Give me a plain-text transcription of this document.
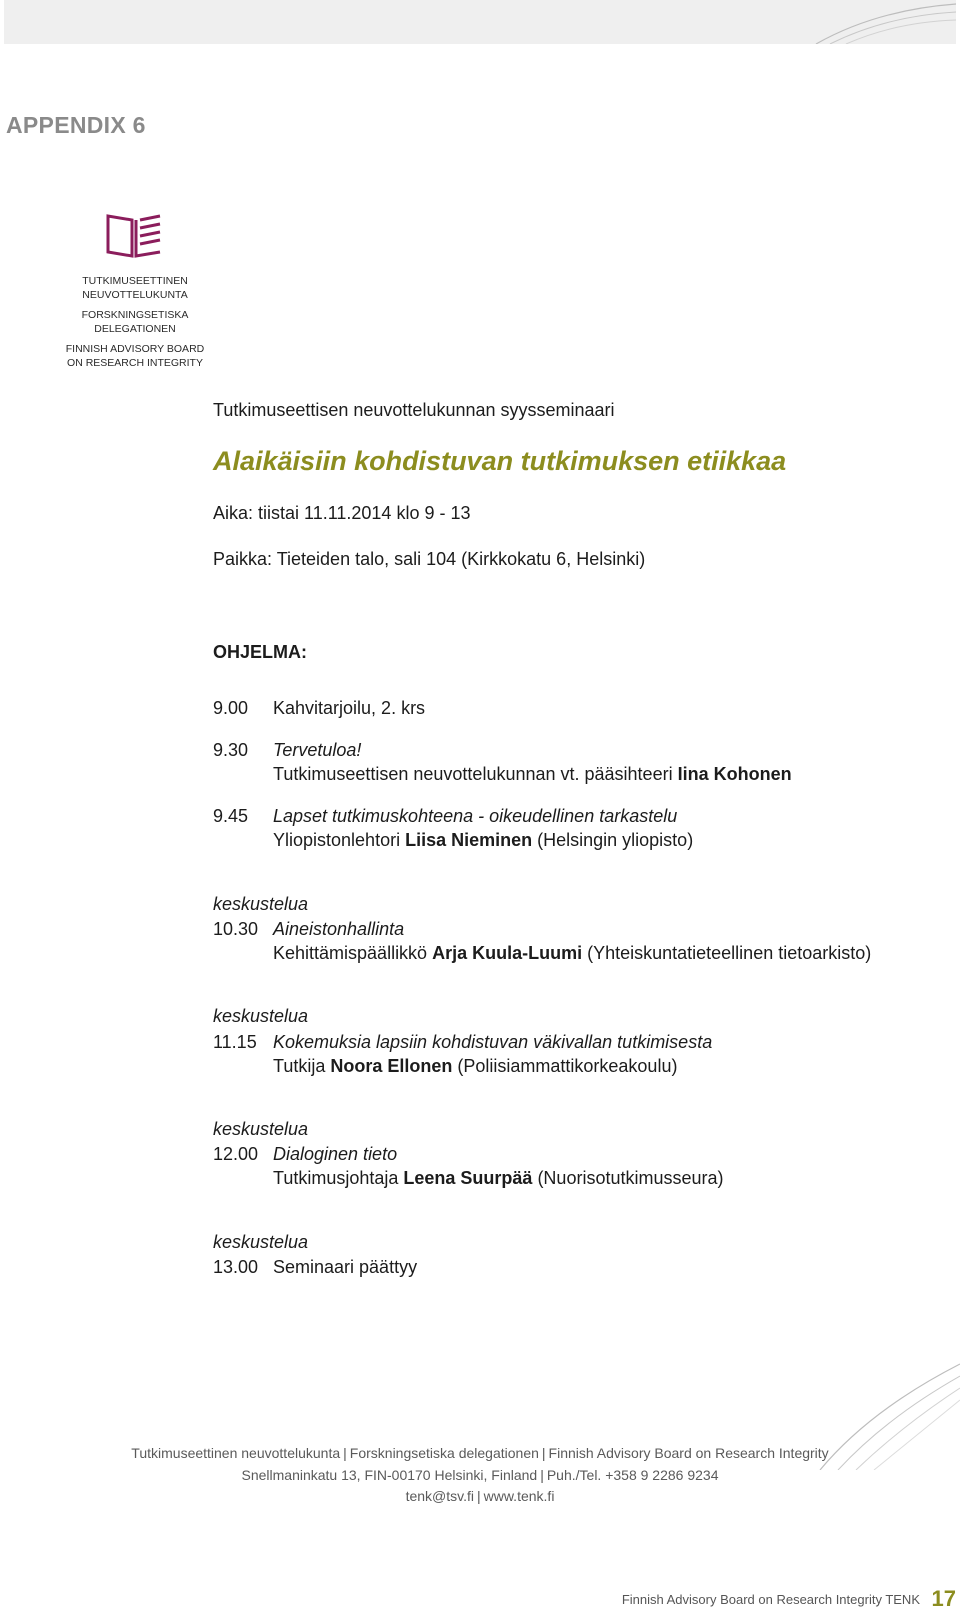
APPENDIX 6
TUTKIMUSEETTINEN
NEUVOTTELUKUNTA
FORSKNINGSETISKA
DELEGATIONEN
FINNISH ADVISORY BOARD
ON RESEARCH INTEGRITY
Tutkimuseettisen neuvottelukunnan syysseminaari
Alaikäisiin kohdistuvan tutkimuksen etiikkaa
Aika: tiistai 11.11.2014 klo 9 - 13
Paikka: Tieteiden talo, sali 104 (Kirkkokatu 6, Helsinki)
OHJELMA:
9.00	Kahvitarjoilu, 2. krs
9.30	Tervetuloa!
Tutkimuseettisen neuvottelukunnan vt. pääsihteeri Iina Kohonen
9.45	Lapset tutkimuskohteena - oikeudellinen tarkastelu
Yliopistonlehtori Liisa Nieminen (Helsingin yliopisto)
keskustelua
10.30 Aineistonhallinta
Kehittämispäällikkö Arja Kuula-Luumi (Yhteiskuntatieteellinen tietoarkisto)
keskustelua
11.15 Kokemuksia lapsiin kohdistuvan väkivallan tutkimisesta
Tutkija Noora Ellonen (Poliisiammattikorkeakoulu)
keskustelua
12.00 Dialoginen tieto
Tutkimusjohtaja Leena Suurpää (Nuorisotutkimusseura)
keskustelua
13.00 Seminaari päättyy
Tutkimuseettinen neuvottelukunta | Forskningsetiska delegationen | Finnish Advisory Board on Research Integrity
Snellmaninkatu 13, FIN-00170 Helsinki, Finland | Puh./Tel. +358 9 2286 9234
tenk@tsv.fi | www.tenk.fi
Finnish Advisory Board on Research Integrity TENK 17
